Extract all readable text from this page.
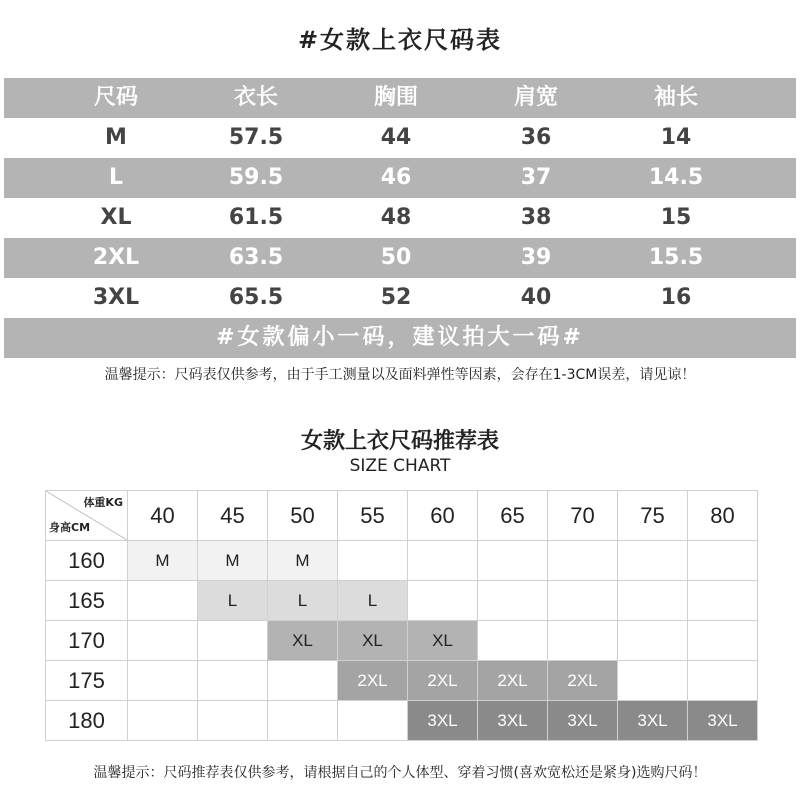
#女款上衣尺码表
尺码	衣长	胸围	肩宽	袖长
M	57.5	44	36	14
L	59.5	46	37	14.5
XL	61.5	48	38	15
2XL	63.5	50	39	15.5
3XL	65.5	52	40	16
#女款偏小一码，建议拍大一码#
温馨提示：尺码表仅供参考，由于手工测量以及面料弹性等因素，会存在1-3CM误差，请见谅！
女款上衣尺码推荐表
SIZE CHART
体重KG
身高CM	40	45	50	55	60	65	70	75	80
160	M	M	M						
165		L	L	L					
170			XL	XL	XL				
175				2XL	2XL	2XL	2XL		
180					3XL	3XL	3XL	3XL	3XL
温馨提示：尺码推荐表仅供参考，请根据自己的个人体型、穿着习惯(喜欢宽松还是紧身)选购尺码！
